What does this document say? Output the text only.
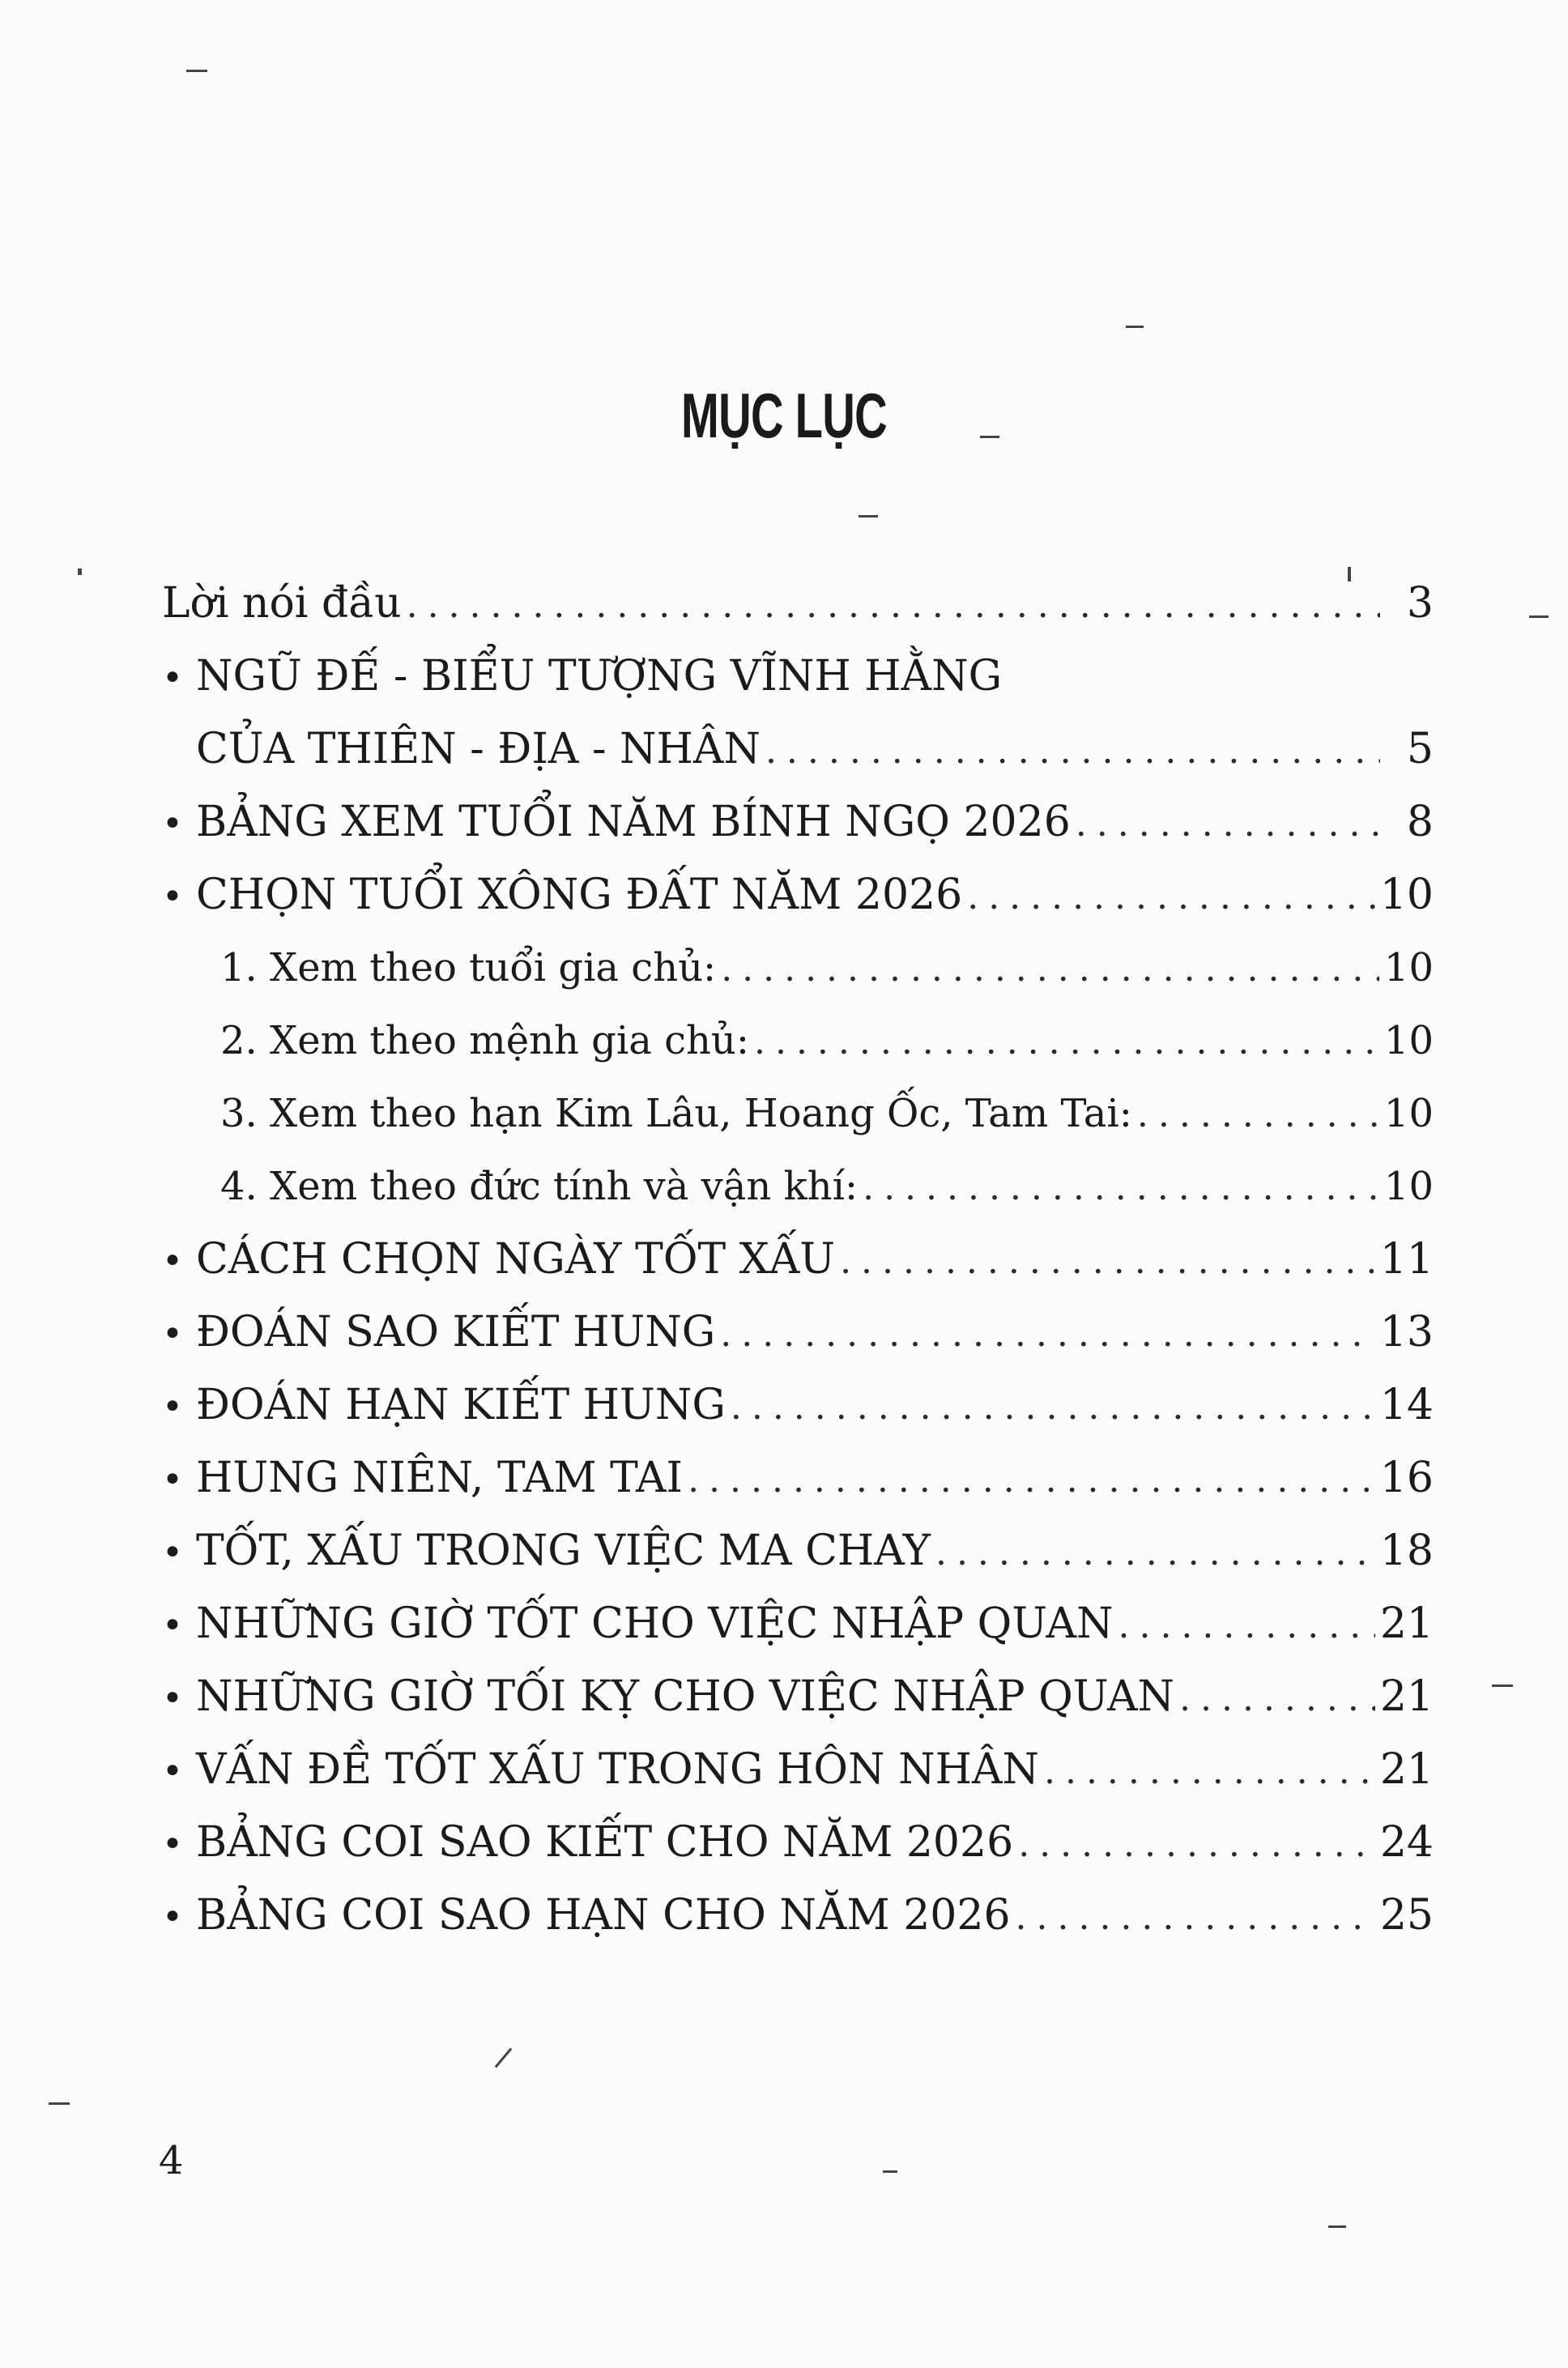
MỤC LỤC
Lời nói đầu . . .	3
• NGŨ ĐẾ - BIỂU TƯỢNG VĨNH HẰNG
CỦA THIÊN - ĐỊA - NHÂN . . .	5
• BẢNG XEM TUỔI NĂM BÍNH NGỌ 2026 . . .	8
• CHỌN TUỔI XÔNG ĐẤT NĂM 2026 . . .	10
1. Xem theo tuổi gia chủ: . . .	10
2. Xem theo mệnh gia chủ: . . .	10
3. Xem theo hạn Kim Lâu, Hoang Ốc, Tam Tai: . . .	10
4. Xem theo đức tính và vận khí: . . .	10
• CÁCH CHỌN NGÀY TỐT XẤU . . .	11
• ĐOÁN SAO KIẾT HUNG . . .	13
• ĐOÁN HẠN KIẾT HUNG . . .	14
• HUNG NIÊN, TAM TAI . . .	16
• TỐT, XẤU TRONG VIỆC MA CHAY . . .	18
• NHỮNG GIỜ TỐT CHO VIỆC NHẬP QUAN . . .	21
• NHỮNG GIỜ TỐI KỴ CHO VIỆC NHẬP QUAN . . .	21
• VẤN ĐỀ TỐT XẤU TRONG HÔN NHÂN . . .	21
• BẢNG COI SAO KIẾT CHO NĂM 2026 . . .	24
• BẢNG COI SAO HẠN CHO NĂM 2026 . . .	25
4
